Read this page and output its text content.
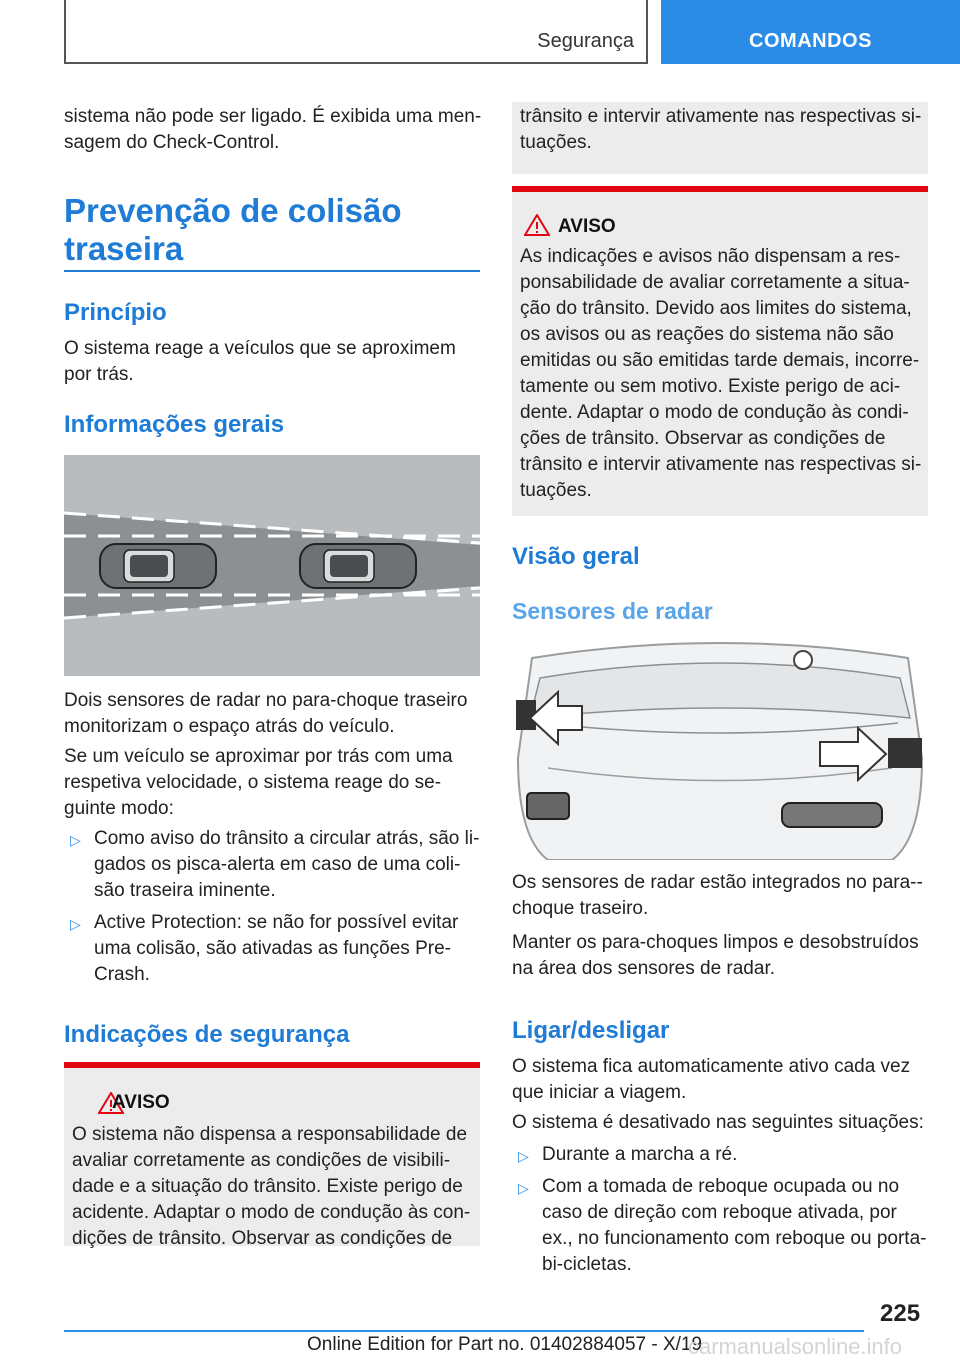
Segurança	COMANDOS

sistema não pode ser ligado. É exibida uma men-
sagem do Check-Control.

Prevenção de colisão traseira
Princípio

O sistema reage a veículos que se aproximem por trás.

Informações gerais

Dois sensores de radar no para-choque traseiro monitorizam o espaço atrás do veículo.

Se um veículo se aproximar por trás com uma respetiva velocidade, o sistema reage do se-guinte modo:

▷ Como aviso do trânsito a circular atrás, são li-gados os pisca-alerta em caso de uma coli-são traseira iminente.

▷ Active Protection: se não for possível evitar uma colisão, são ativadas as funções Pre-Crash.

Indicações de segurança
AVISO

O sistema não dispensa a responsabilidade de avaliar corretamente as condições de visibili-dade e a situação do trânsito. Existe perigo de acidente. Adaptar o modo de condução às con-dições de trânsito. Observar as condições de

trânsito e intervir ativamente nas respectivas si-tuações.

AVISO

As indicações e avisos não dispensam a res-ponsabilidade de avaliar corretamente a situa-ção do trânsito. Devido aos limites do sistema, os avisos ou as reações do sistema não são emitidas ou são emitidas tarde demais, incorre-tamente ou sem motivo. Existe perigo de aci-dente. Adaptar o modo de condução às condi-ções de trânsito. Observar as condições de trânsito e intervir ativamente nas respectivas si-tuações.

Visão geral
Sensores de radar

Os sensores de radar estão integrados no para--choque traseiro.

Manter os para-choques limpos e desobstruídos na área dos sensores de radar.

Ligar/desligar

O sistema fica automaticamente ativo cada vez que iniciar a viagem.

O sistema é desativado nas seguintes situações:

▷ Durante a marcha a ré.

▷ Com a tomada de reboque ocupada ou no caso de direção com reboque ativada, por ex., no funcionamento com reboque ou porta-bi-cicletas.

225
Online Edition for Part no. 01402884057 - X/19
carmanualsonline.info
